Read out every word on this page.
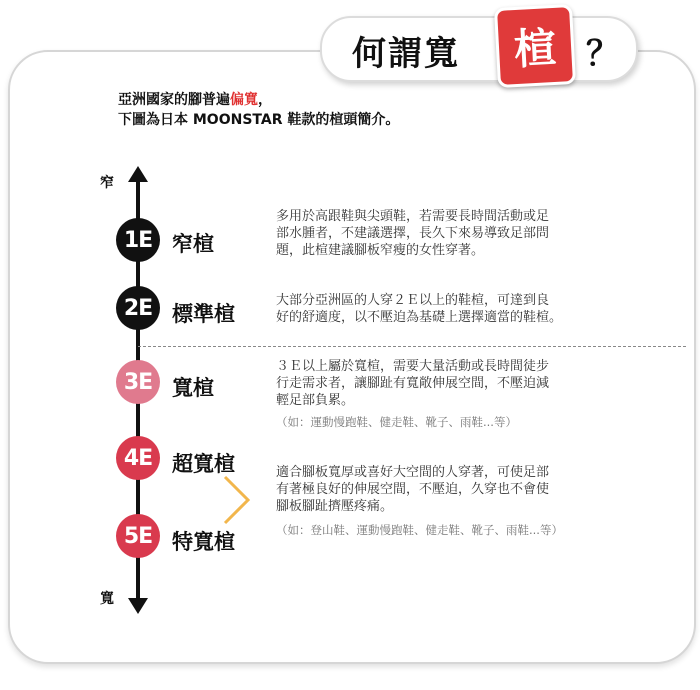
何謂寬 楦 ？
亞洲國家的腳普遍偏寬，
下圖為日本 MOONSTAR 鞋款的楦頭簡介。
窄
寬
1E 窄楦
2E 標準楦
3E 寬楦
4E 超寬楦
5E 特寬楦
多用於高跟鞋與尖頭鞋，若需要長時間活動或足
部水腫者，不建議選擇，長久下來易導致足部問
題，此楦建議腳板窄瘦的女性穿著。
大部分亞洲區的人穿２Ｅ以上的鞋楦，可達到良
好的舒適度，以不壓迫為基礎上選擇適當的鞋楦。
３Ｅ以上屬於寬楦，需要大量活動或長時間徒步
行走需求者，讓腳趾有寬敞伸展空間，不壓迫減
輕足部負累。
（如：運動慢跑鞋、健走鞋、靴子、雨鞋...等）
適合腳板寬厚或喜好大空間的人穿著，可使足部
有著極良好的伸展空間，不壓迫，久穿也不會使
腳板腳趾擠壓疼痛。
（如：登山鞋、運動慢跑鞋、健走鞋、靴子、雨鞋...等）
